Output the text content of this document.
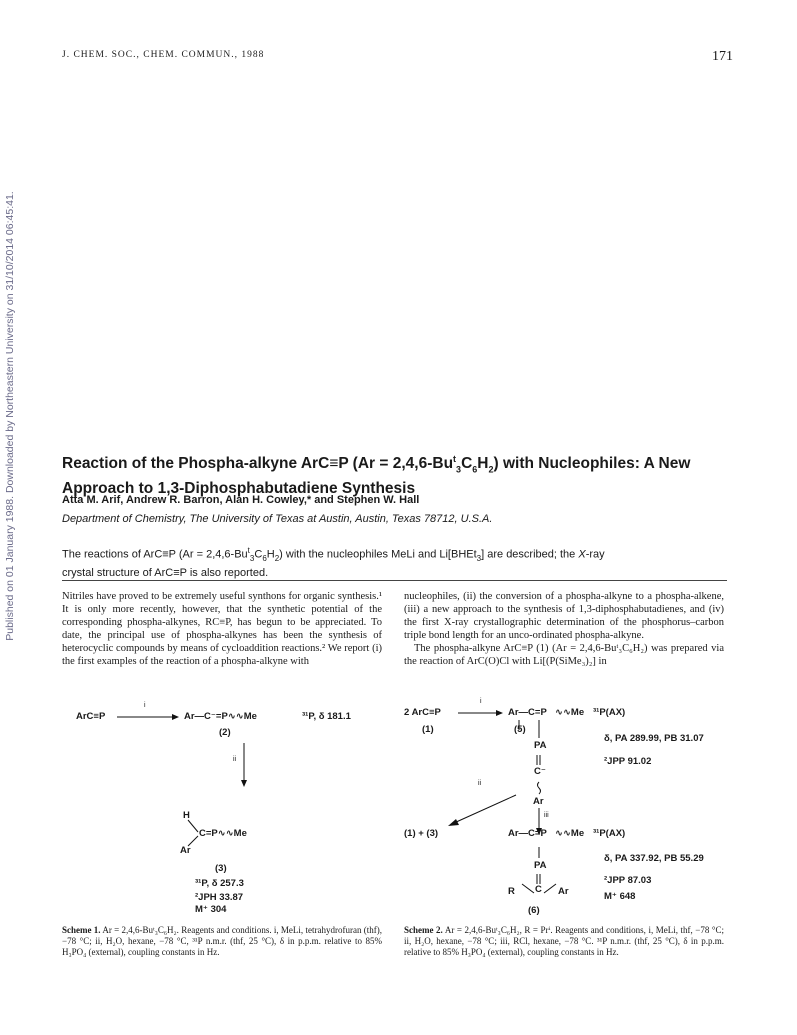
Published on 01 January 1988. Downloaded by Northeastern University on 31/10/2014 06:45:41.
J. CHEM. SOC., CHEM. COMMUN., 1988	171
Reaction of the Phospha-alkyne ArC≡P $(Ar = 2,4,6-Bu^t_3C_6H_2)$ with Nucleophiles: A New
Approach to 1,3-Diphosphabutadiene Synthesis
Atta M. Arif, Andrew R. Barron, Alan H. Cowley,* and Stephen W. Hall
Department of Chemistry, The University of Texas at Austin, Austin, Texas 78712, U.S.A.
The reactions of ArC≡P $(Ar = 2,4,6-Bu^t_3C_6H_2)$ with the nucleophiles MeLi and Li[BHEt$_3$] are described; the X-ray
crystal structure of ArC≡P is also reported.

Nitriles have proved to be extremely useful synthons for organic synthesis.¹ It is only more recently, however, that the synthetic potential of the corresponding phospha-alkynes, RC≡P, has begun to be appreciated. To date, the principal use of phospha-alkynes has been the synthesis of heterocyclic compounds by means of cycloaddition reactions.² We report (i) the first examples of the reaction of a phospha-alkyne with

nucleophiles, (ii) the conversion of a phospha-alkyne to a phospha-alkene, (iii) a new approach to the synthesis of 1,3-diphosphabutadienes, and (iv) the first X-ray crystallographic determination of the phosphorus–carbon triple bond length for an unco-ordinated phospha-alkyne.

The phospha-alkyne ArC≡P (1) (Ar = 2,4,6-Buᵗ₃C₆H₂) was prepared via the reaction of ArC(O)Cl with Li[(P(SiMe₃)₂] in

ArC≡P
i
Ar—C⁻=P∿∿Me
(2)
³¹P, δ 181.1
ii
H
C=P∿∿Me
Ar
(3)
³¹P, δ 257.3
²JPH 33.87
M⁺ 304
Scheme 1. Ar = 2,4,6-Buᵗ₃C₆H₂. Reagents and conditions. i, MeLi, tetrahydrofuran (thf), −78 °C; ii, H₂O, hexane, −78 °C, ³¹P n.m.r. (thf, 25 °C), δ in p.p.m. relative to 85% H₃PO₄ (external), coupling constants in Hz.
2 ArC≡P
i
(1)
Ar—C=P ∿∿Me
(5)
PA
C⁻
Ar
³¹P(AX)
δ, PA 289.99, PB 31.07
²JPP 91.02
ii
iii
(1) + (3)	Ar—C=P ∿∿Me ³¹P(AX)
PA
δ, PA 337.92, PB 55.29
C
²JPP 87.03
R	Ar	M⁺ 648
(6)
Scheme 2. Ar = 2,4,6-Buᵗ₃C₆H₂, R = Prⁱ. Reagents and conditions, i, MeLi, thf, −78 °C; ii, H₂O, hexane, −78 °C; iii, RCl, hexane, −78 °C. ³¹P n.m.r. (thf, 25 °C), δ in p.p.m. relative to 85% H₃PO₄ (external), coupling constants in Hz.
